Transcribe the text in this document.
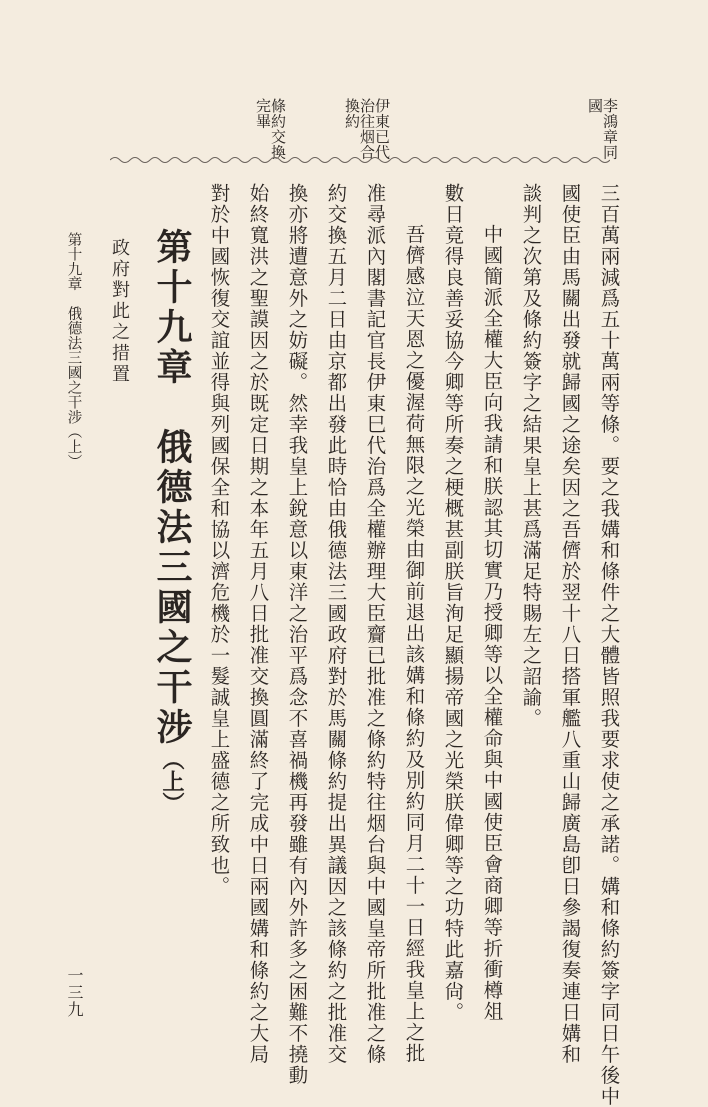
李鴻章同
國
伊東已代
治往烟合
換約
條約交換
完畢
三百萬兩減爲五十萬兩等條。要之我媾和條件之大體皆照我要求使之承諾。媾和條約簽字同日午後中
國使臣由馬關出發就歸國之途矣因之吾儕於翌十八日搭軍艦八重山歸廣島卽日參謁復奏連日媾和
談判之次第及條約簽字之結果皇上甚爲滿足特賜左之詔諭。
中國簡派全權大臣向我請和朕認其切實乃授卿等以全權命與中國使臣會商卿等折衝樽俎
數日竟得良善妥協今卿等所奏之梗概甚副朕旨洵足顯揚帝國之光榮朕偉卿等之功特此嘉尙。
吾儕感泣天恩之優渥荷無限之光榮由御前退出該媾和條約及別約同月二十一日經我皇上之批
准尋派內閣書記官長伊東巳代治爲全權辦理大臣齎已批准之條約特往烟台與中國皇帝所批准之條
約交換五月二日由京都出發此時恰由俄德法三國政府對於馬關條約提出異議因之該條約之批准交
換亦將遭意外之妨礙。然幸我皇上銳意以東洋之治平爲念不喜禍機再發雖有內外許多之困難不撓動
始終寬洪之聖謨因之於既定日期之本年五月八日批准交換圓滿終了完成中日兩國媾和條約之大局
對於中國恢復交誼並得與列國保全和協以濟危機於一髮誠皇上盛德之所致也。
第十九章　俄德法三國之干涉（上）
政府對此之措置
第十九章　俄德法三國之干涉（上）
一三九
